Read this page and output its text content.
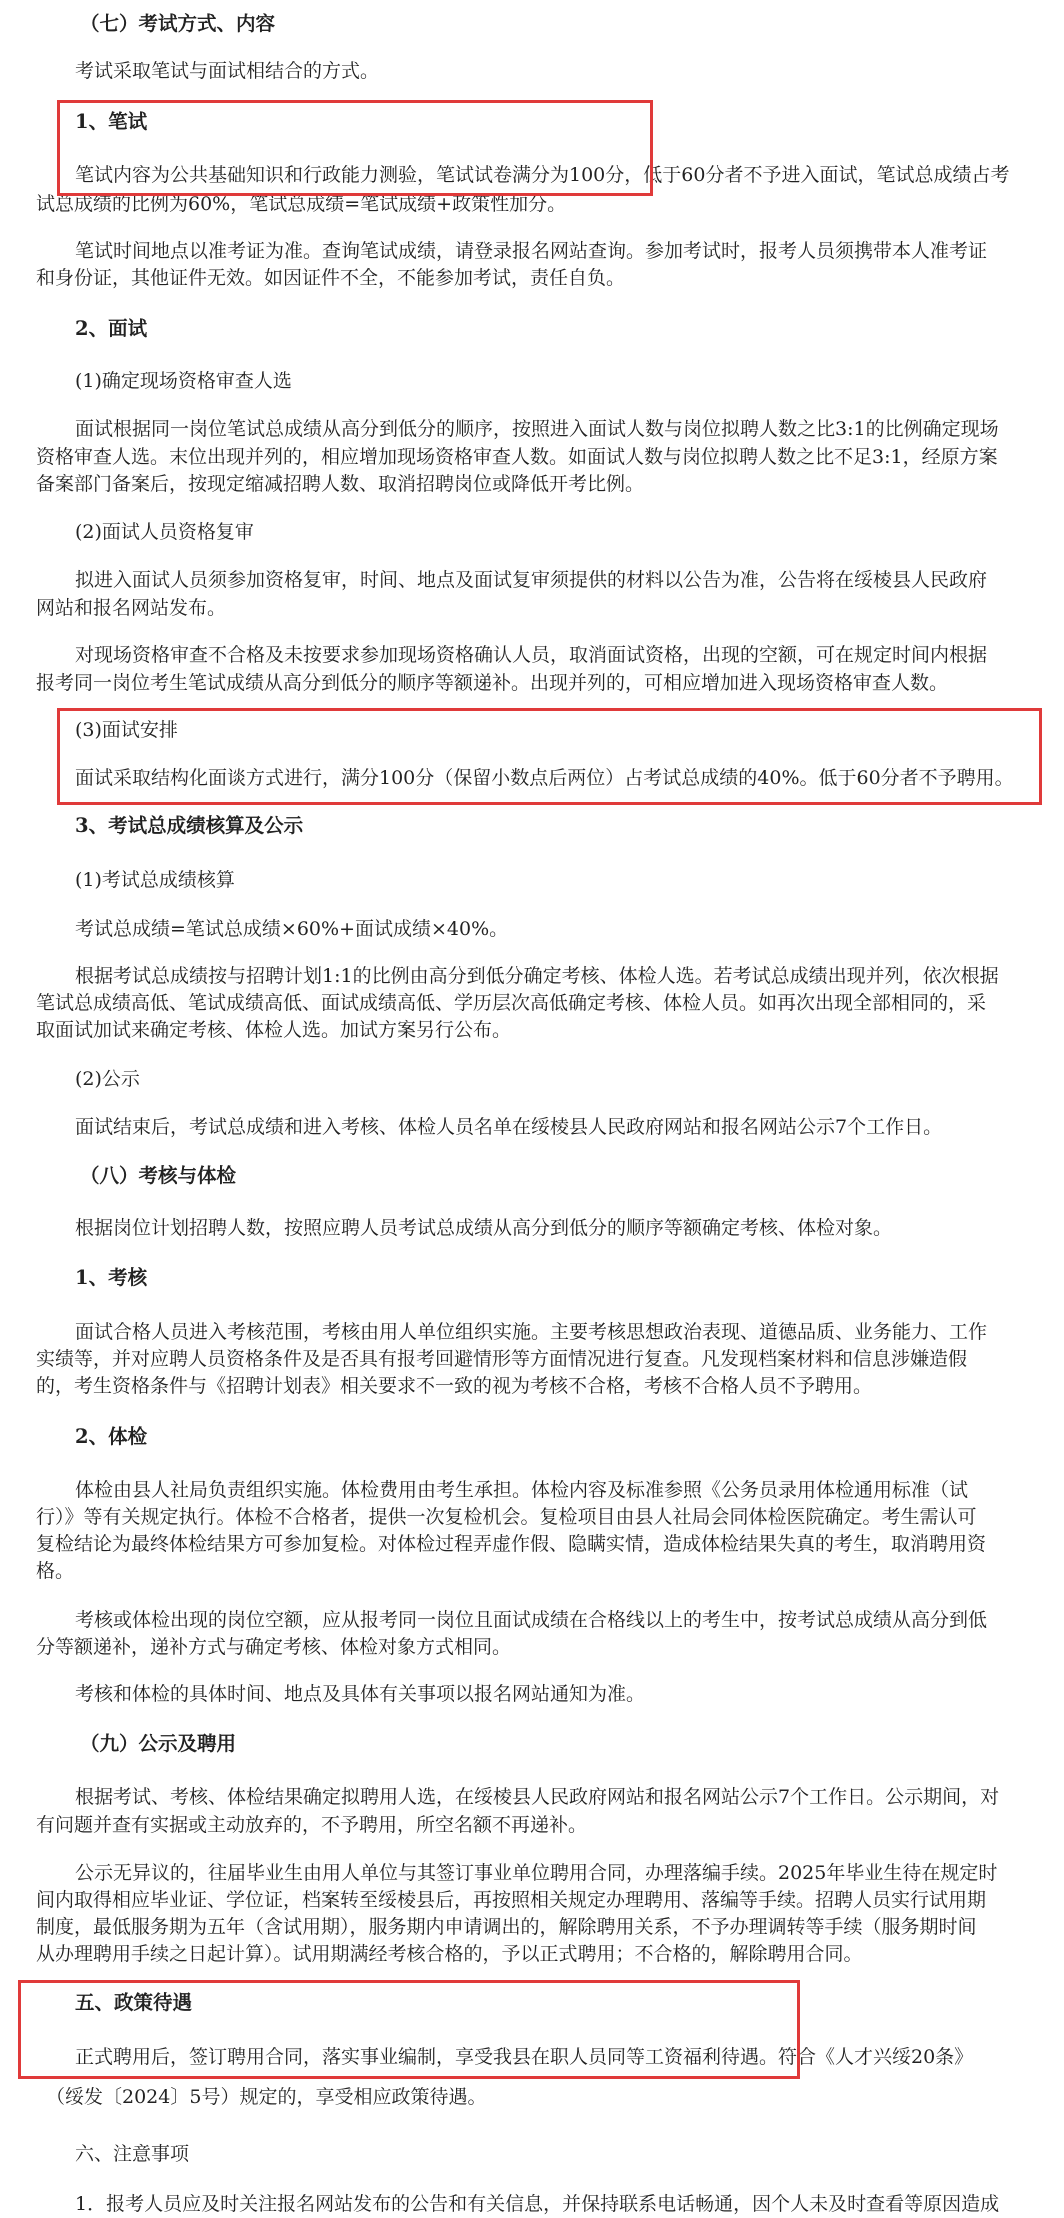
（七）考试方式、内容
考试采取笔试与面试相结合的方式。
1、笔试
笔试内容为公共基础知识和行政能力测验，笔试试卷满分为100分，低于60分者不予进入面试，笔试总成绩占考
试总成绩的比例为60%，笔试总成绩=笔试成绩+政策性加分。
笔试时间地点以准考证为准。查询笔试成绩，请登录报名网站查询。参加考试时，报考人员须携带本人准考证
和身份证，其他证件无效。如因证件不全，不能参加考试，责任自负。
2、面试
(1)确定现场资格审查人选
面试根据同一岗位笔试总成绩从高分到低分的顺序，按照进入面试人数与岗位拟聘人数之比3:1的比例确定现场
资格审查人选。末位出现并列的，相应增加现场资格审查人数。如面试人数与岗位拟聘人数之比不足3:1，经原方案
备案部门备案后，按现定缩减招聘人数、取消招聘岗位或降低开考比例。
(2)面试人员资格复审
拟进入面试人员须参加资格复审，时间、地点及面试复审须提供的材料以公告为准，公告将在绥棱县人民政府
网站和报名网站发布。
对现场资格审查不合格及未按要求参加现场资格确认人员，取消面试资格，出现的空额，可在规定时间内根据
报考同一岗位考生笔试成绩从高分到低分的顺序等额递补。出现并列的，可相应增加进入现场资格审查人数。
(3)面试安排
面试采取结构化面谈方式进行，满分100分（保留小数点后两位）占考试总成绩的40%。低于60分者不予聘用。
3、考试总成绩核算及公示
(1)考试总成绩核算
考试总成绩=笔试总成绩×60%+面试成绩×40%。
根据考试总成绩按与招聘计划1:1的比例由高分到低分确定考核、体检人选。若考试总成绩出现并列，依次根据
笔试总成绩高低、笔试成绩高低、面试成绩高低、学历层次高低确定考核、体检人员。如再次出现全部相同的，采
取面试加试来确定考核、体检人选。加试方案另行公布。
(2)公示
面试结束后，考试总成绩和进入考核、体检人员名单在绥棱县人民政府网站和报名网站公示7个工作日。
（八）考核与体检
根据岗位计划招聘人数，按照应聘人员考试总成绩从高分到低分的顺序等额确定考核、体检对象。
1、考核
面试合格人员进入考核范围，考核由用人单位组织实施。主要考核思想政治表现、道德品质、业务能力、工作
实绩等，并对应聘人员资格条件及是否具有报考回避情形等方面情况进行复查。凡发现档案材料和信息涉嫌造假
的，考生资格条件与《招聘计划表》相关要求不一致的视为考核不合格，考核不合格人员不予聘用。
2、体检
体检由县人社局负责组织实施。体检费用由考生承担。体检内容及标准参照《公务员录用体检通用标准（试
行）》等有关规定执行。体检不合格者，提供一次复检机会。复检项目由县人社局会同体检医院确定。考生需认可
复检结论为最终体检结果方可参加复检。对体检过程弄虚作假、隐瞒实情，造成体检结果失真的考生，取消聘用资
格。
考核或体检出现的岗位空额，应从报考同一岗位且面试成绩在合格线以上的考生中，按考试总成绩从高分到低
分等额递补，递补方式与确定考核、体检对象方式相同。
考核和体检的具体时间、地点及具体有关事项以报名网站通知为准。
（九）公示及聘用
根据考试、考核、体检结果确定拟聘用人选，在绥棱县人民政府网站和报名网站公示7个工作日。公示期间，对
有问题并查有实据或主动放弃的，不予聘用，所空名额不再递补。
公示无异议的，往届毕业生由用人单位与其签订事业单位聘用合同，办理落编手续。2025年毕业生待在规定时
间内取得相应毕业证、学位证，档案转至绥棱县后，再按照相关规定办理聘用、落编等手续。招聘人员实行试用期
制度，最低服务期为五年（含试用期），服务期内申请调出的，解除聘用关系，不予办理调转等手续（服务期时间
从办理聘用手续之日起计算）。试用期满经考核合格的，予以正式聘用；不合格的，解除聘用合同。
五、政策待遇
正式聘用后，签订聘用合同，落实事业编制，享受我县在职人员同等工资福利待遇。符合《人才兴绥20条》
（绥发〔2024〕5号）规定的，享受相应政策待遇。
六、注意事项
1．报考人员应及时关注报名网站发布的公告和有关信息，并保持联系电话畅通，因个人未及时查看等原因造成
